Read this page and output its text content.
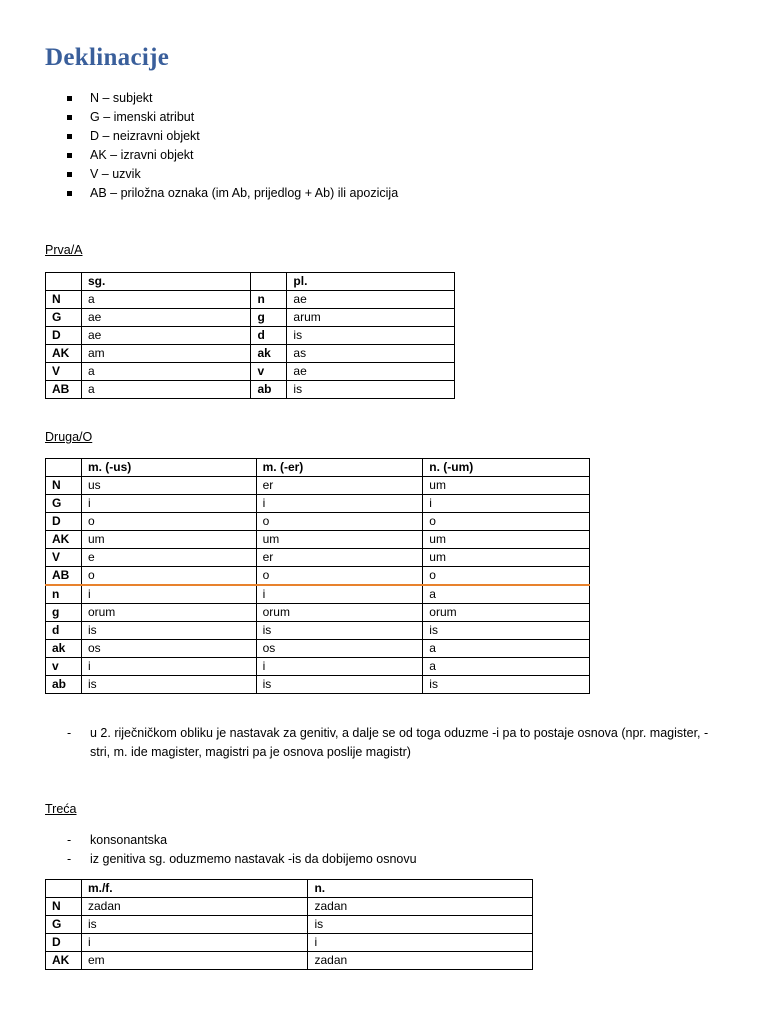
Deklinacije
N – subjekt
G – imenski atribut
D – neizravni objekt
AK – izravni objekt
V – uzvik
AB – priložna oznaka (im Ab, prijedlog + Ab) ili apozicija
Prva/A
	sg.		pl.
N	a	n	ae
G	ae	g	arum
D	ae	d	is
AK	am	ak	as
V	a	v	ae
AB	a	ab	is
Druga/O
	m. (-us)	m. (-er)	n. (-um)
N	us	er	um
G	i	i	i
D	o	o	o
AK	um	um	um
V	e	er	um
AB	o	o	o
n	i	i	a
g	orum	orum	orum
d	is	is	is
ak	os	os	a
v	i	i	a
ab	is	is	is
- u 2. riječničkom obliku je nastavak za genitiv, a dalje se od toga oduzme -i pa to postaje osnova (npr. magister, -stri, m. ide magister, magistri pa je osnova poslije magistr)
Treća
- konsonantska
- iz genitiva sg. oduzmemo nastavak -is da dobijemo osnovu
	m./f.	n.
N	zadan	zadan
G	is	is
D	i	i
AK	em	zadan
